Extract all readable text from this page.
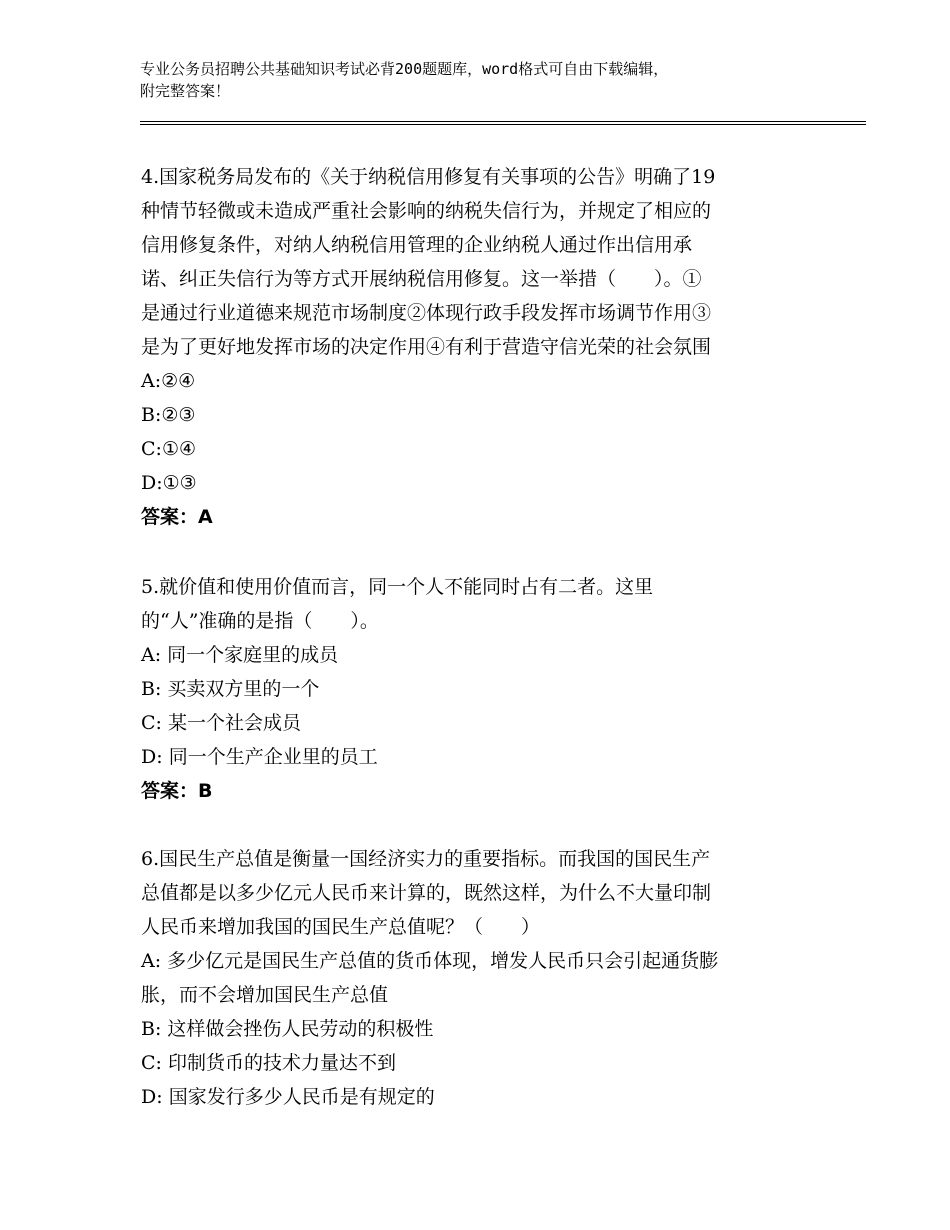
专业公务员招聘公共基础知识考试必背200题题库，word格式可自由下载编辑，
附完整答案！
4.国家税务局发布的《关于纳税信用修复有关事项的公告》明确了19
种情节轻微或未造成严重社会影响的纳税失信行为，并规定了相应的
信用修复条件，对纳人纳税信用管理的企业纳税人通过作出信用承
诺、纠正失信行为等方式开展纳税信用修复。这一举措（　　）。①
是通过行业道德来规范市场制度②体现行政手段发挥市场调节作用③
是为了更好地发挥市场的决定作用④有利于营造守信光荣的社会氛围
A:②④
B:②③
C:①④
D:①③
答案：A
5.就价值和使用价值而言，同一个人不能同时占有二者。这里
的“人”准确的是指（　　）。
A: 同一个家庭里的成员
B: 买卖双方里的一个
C: 某一个社会成员
D: 同一个生产企业里的员工
答案：B
6.国民生产总值是衡量一国经济实力的重要指标。而我国的国民生产
总值都是以多少亿元人民币来计算的，既然这样，为什么不大量印制
人民币来增加我国的国民生产总值呢？（　　）
A: 多少亿元是国民生产总值的货币体现，增发人民币只会引起通货膨
胀，而不会增加国民生产总值
B: 这样做会挫伤人民劳动的积极性
C: 印制货币的技术力量达不到
D: 国家发行多少人民币是有规定的
